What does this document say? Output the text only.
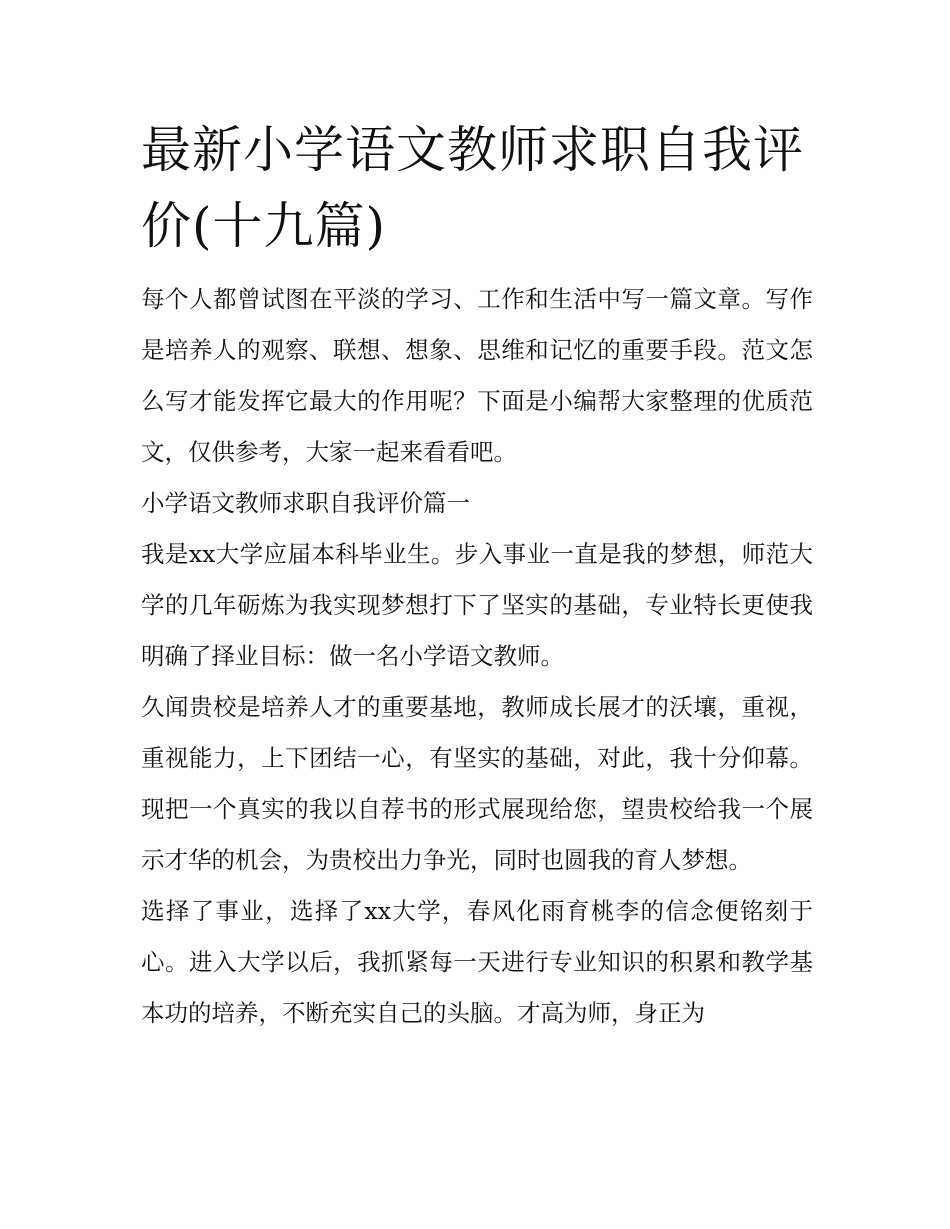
最新小学语文教师求职自我评价(十九篇)

每个人都曾试图在平淡的学习、工作和生活中写一篇文章。写作是培养人的观察、联想、想象、思维和记忆的重要手段。范文怎么写才能发挥它最大的作用呢？下面是小编帮大家整理的优质范文，仅供参考，大家一起来看看吧。

小学语文教师求职自我评价篇一

我是xx大学应届本科毕业生。步入事业一直是我的梦想，师范大学的几年砺炼为我实现梦想打下了坚实的基础，专业特长更使我明确了择业目标：做一名小学语文教师。

久闻贵校是培养人才的重要基地，教师成长展才的沃壤，重视，重视能力，上下团结一心，有坚实的基础，对此，我十分仰幕。现把一个真实的我以自荐书的形式展现给您，望贵校给我一个展示才华的机会，为贵校出力争光，同时也圆我的育人梦想。

选择了事业，选择了xx大学，春风化雨育桃李的信念便铭刻于心。进入大学以后，我抓紧每一天进行专业知识的积累和教学基本功的培养，不断充实自己的头脑。才高为师，身正为
